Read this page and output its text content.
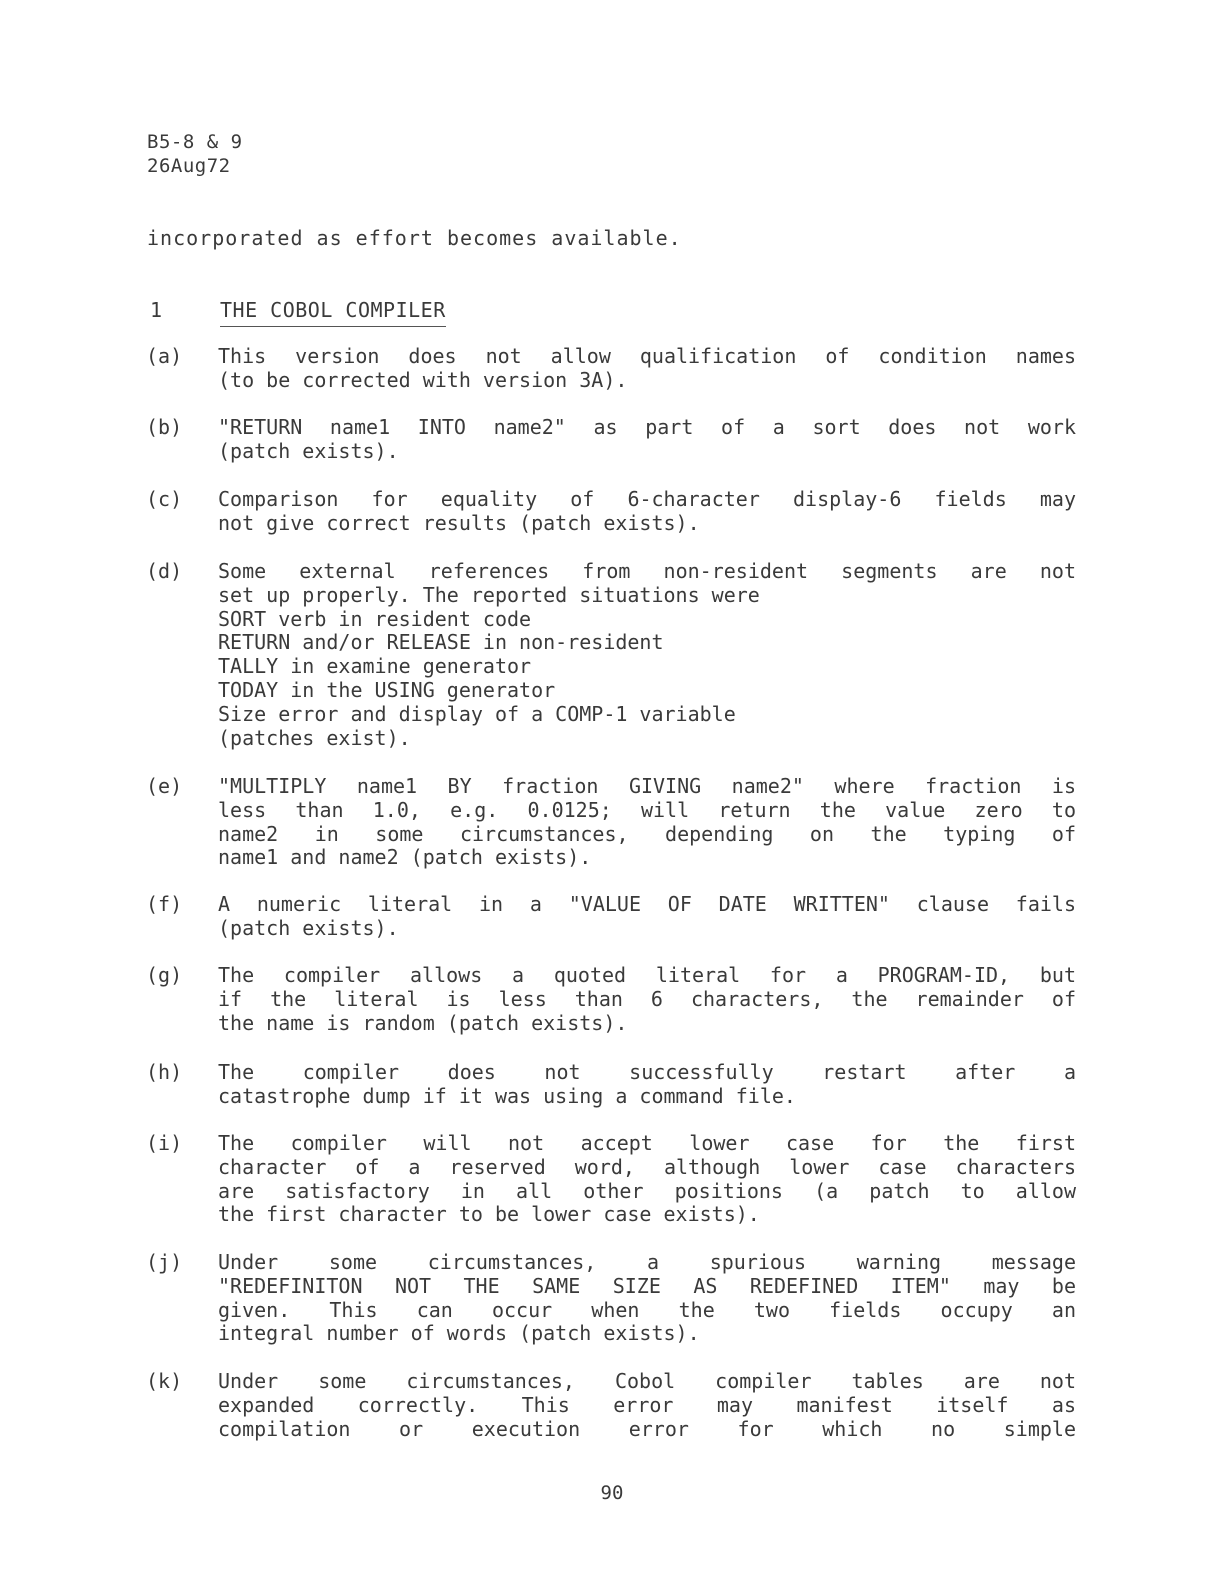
B5-8 & 9
26Aug72
incorporated as effort becomes available.
1	THE COBOL COMPILER
(a)	This version does not allow qualification of condition names
(to be corrected with version 3A).
(b)	"RETURN name1 INTO name2" as part of a sort does not work
(patch exists).
(c)	Comparison for equality of 6-character display-6 fields may
not give correct results (patch exists).
(d)	Some external references from non-resident segments are not
set up properly. The reported situations were
SORT verb in resident code
RETURN and/or RELEASE in non-resident
TALLY in examine generator
TODAY in the USING generator
Size error and display of a COMP-1 variable
(patches exist).
(e)	"MULTIPLY name1 BY fraction GIVING name2" where fraction is
less than 1.0, e.g. 0.0125; will return the value zero to
name2 in some circumstances, depending on the typing of
name1 and name2 (patch exists).
(f)	A numeric literal in a "VALUE OF DATE WRITTEN" clause fails
(patch exists).
(g)	The compiler allows a quoted literal for a PROGRAM-ID, but
if the literal is less than 6 characters, the remainder of
the name is random (patch exists).
(h)	The compiler does not successfully restart after a
catastrophe dump if it was using a command file.
(i)	The compiler will not accept lower case for the first
character of a reserved word, although lower case characters
are satisfactory in all other positions (a patch to allow
the first character to be lower case exists).
(j)	Under some circumstances, a spurious warning message
"REDEFINITON NOT THE SAME SIZE AS REDEFINED ITEM" may be
given. This can occur when the two fields occupy an
integral number of words (patch exists).
(k)	Under some circumstances, Cobol compiler tables are not
expanded correctly. This error may manifest itself as
compilation or execution error for which no simple
90
